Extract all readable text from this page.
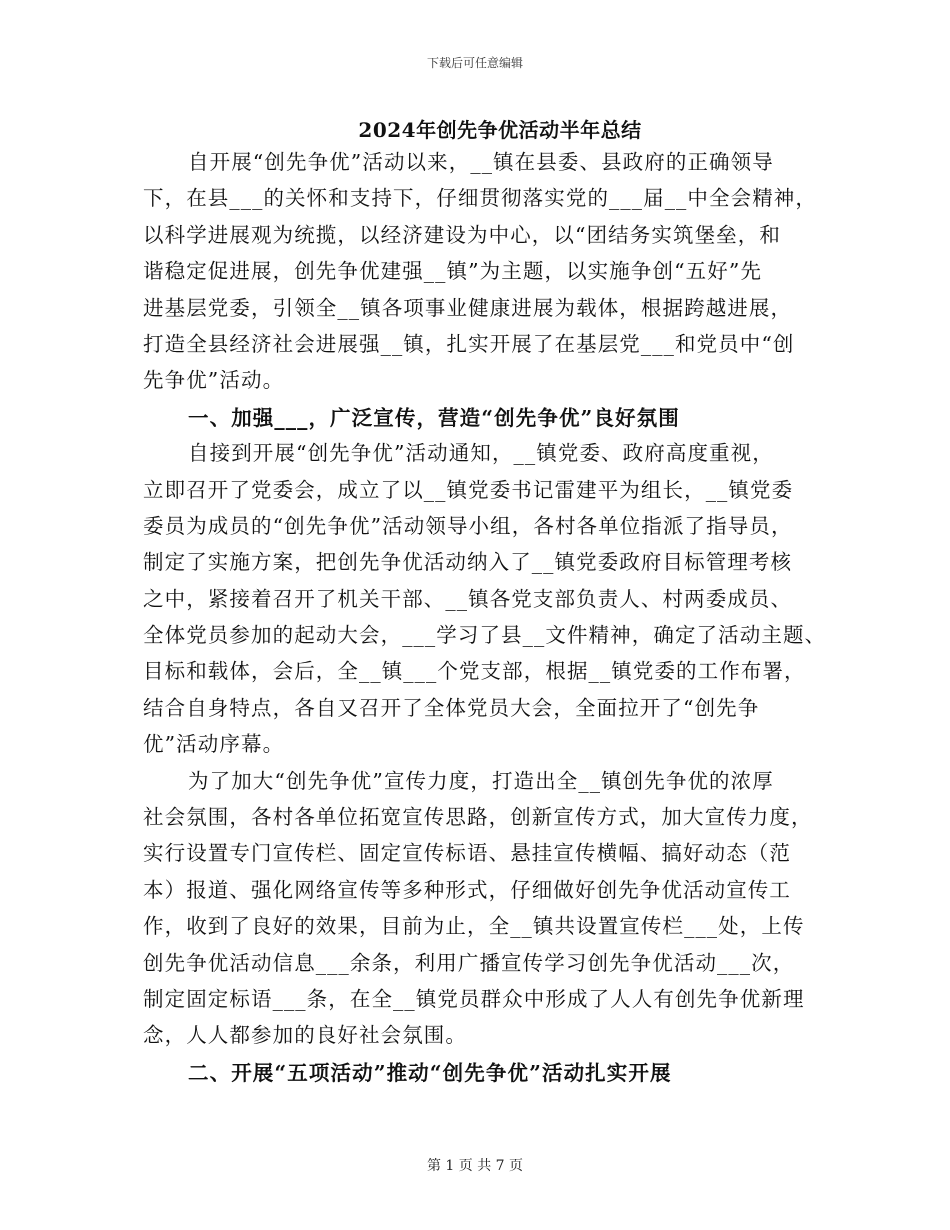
下载后可任意编辑
2024年创先争优活动半年总结
自开展“创先争优”活动以来，__镇在县委、县政府的正确领导
下，在县___的关怀和支持下，仔细贯彻落实党的___届__中全会精神，
以科学进展观为统揽，以经济建设为中心，以“团结务实筑堡垒，和
谐稳定促进展，创先争优建强__镇”为主题，以实施争创“五好”先
进基层党委，引领全__镇各项事业健康进展为载体，根据跨越进展，
打造全县经济社会进展强__镇，扎实开展了在基层党___和党员中“创
先争优”活动。
一、加强___，广泛宣传，营造“创先争优”良好氛围
自接到开展“创先争优”活动通知，__镇党委、政府高度重视，
立即召开了党委会，成立了以__镇党委书记雷建平为组长，__镇党委
委员为成员的“创先争优”活动领导小组，各村各单位指派了指导员，
制定了实施方案，把创先争优活动纳入了__镇党委政府目标管理考核
之中，紧接着召开了机关干部、__镇各党支部负责人、村两委成员、
全体党员参加的起动大会，___学习了县__文件精神，确定了活动主题、
目标和载体，会后，全__镇___个党支部，根据__镇党委的工作布署，
结合自身特点，各自又召开了全体党员大会，全面拉开了“创先争
优”活动序幕。
为了加大“创先争优”宣传力度，打造出全__镇创先争优的浓厚
社会氛围，各村各单位拓宽宣传思路，创新宣传方式，加大宣传力度，
实行设置专门宣传栏、固定宣传标语、悬挂宣传横幅、搞好动态（范
本）报道、强化网络宣传等多种形式，仔细做好创先争优活动宣传工
作，收到了良好的效果，目前为止，全__镇共设置宣传栏___处，上传
创先争优活动信息___余条，利用广播宣传学习创先争优活动___次，
制定固定标语___条，在全__镇党员群众中形成了人人有创先争优新理
念，人人都参加的良好社会氛围。
二、开展“五项活动”推动“创先争优”活动扎实开展
第 1 页 共 7 页
